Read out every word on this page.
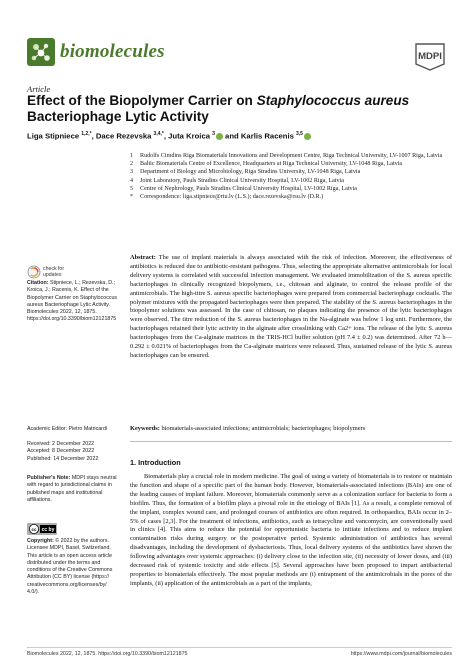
biomolecules	MDPI
Article
Effect of the Biopolymer Carrier on Staphylococcus aureus Bacteriophage Lytic Activity
Liga Stipniece $^{1,2,*}$, Dace Rezevska $^{3,4,*}$, Juta Kroica $^3$ and Karlis Racenis $^{3,5}$
1	Rudolfs Cimdins Riga Biomaterials Innovations and Development Centre, Riga Technical University, LV-1007 Riga, Latvia
2	Baltic Biomaterials Centre of Excellence, Headquarters at Riga Technical University, LV-1048 Riga, Latvia
3	Department of Biology and Microbiology, Riga Stradins University, LV-1048 Riga, Latvia
4	Joint Laboratory, Pauls Stradins Clinical University Hospital, LV-1002 Riga, Latvia
5	Centre of Nephrology, Pauls Stradins Clinical University Hospital, LV-1002 Riga, Latvia
*	Correspondence: liga.stipniece@rtu.lv (L.S.); dace.rezevska@rsu.lv (D.R.)
Abstract: The use of implant materials is always associated with the risk of infection. Moreover, the effectiveness of antibiotics is reduced due to antibiotic-resistant pathogens. Thus, selecting the appropriate alternative antimicrobials for local delivery systems is correlated with successful infection management. We evaluated immobilization of the S. aureus specific bacteriophages in clinically recognized biopolymers, i.e., chitosan and alginate, to control the release profile of the antimicrobials. The high-titre S. aureus specific bacteriophages were prepared from commercial bacteriophage cocktails. The polymer mixtures with the propagated bacteriophages were then prepared. The stability of the S. aureus bacteriophages in the biopolymer solutions was assessed. In the case of chitosan, no plaques indicating the presence of the lytic bacteriophages were observed. The titre reduction of the S. aureus bacteriophages in the Na-alginate was below 1 log unit. Furthermore, the bacteriophages retained their lytic activity in the alginate after crosslinking with Ca2+ ions. The release of the lytic S. aureus bacteriophages from the Ca-alginate matrices in the TRIS-HCl buffer solution (pH 7.4 ± 0.2) was determined. After 72 h—0.292 ± 0.021% of bacteriophages from the Ca-alginate matrices were released. Thus, sustained release of the lytic S. aureus bacteriophages can be ensured.
Keywords: biomaterials-associated infections; antimicrobials; bacteriophages; biopolymers
1. Introduction
Biomaterials play a crucial role in modern medicine. The goal of using a variety of biomaterials is to restore or maintain the function and shape of a specific part of the human body. However, biomaterials-associated infections (BAIs) are one of the leading causes of implant failure. Moreover, biomaterials commonly serve as a colonization surface for bacteria to form a biofilm. Thus, the formation of a biofilm plays a pivotal role in the etiology of BAIs [1]. As a result, a complete removal of the implant, complex wound care, and prolonged courses of antibiotics are often required. In orthopaedics, BAIs occur in 2–5% of cases [2,3]. For the treatment of infections, antibiotics, such as tetracycline and vancomycin, are conventionally used in clinics [4]. This aims to reduce the potential for opportunistic bacteria to initiate infections and to reduce implant contamination risks during surgery or the postoperative period. Systemic administration of antibiotics has several disadvantages, including the development of dysbacteriosis. Thus, local delivery systems of the antibiotics have shown the following advantages over systemic approaches: (i) delivery close to the infection site, (ii) necessity of lower doses, and (iii) decreased risk of systemic toxicity and side effects [5]. Several approaches have been proposed to impart antibacterial properties to biomaterials effectively. The most popular methods are (i) entrapment of the antimicrobials in the pores of the implants, (ii) application of the antimicrobials as a part of the implants,
check for
updates
Citation: Stipniece, L.; Rezevska, D.; Kroica, J.; Racenis, K. Effect of the Biopolymer Carrier on Staphylococcus aureus Bacteriophage Lytic Activity. Biomolecules 2022, 12, 1875. https://doi.org/10.3390/biom12121875
Academic Editor: Pietro Matricardi
Received: 2 December 2022
Accepted: 8 December 2022
Published: 14 December 2022
Publisher's Note: MDPI stays neutral with regard to jurisdictional claims in published maps and institutional affiliations.
cc cc by
Copyright: © 2022 by the authors. Licensee MDPI, Basel, Switzerland. This article is an open access article distributed under the terms and conditions of the Creative Commons Attribution (CC BY) license (https:// creativecommons.org/licenses/by/ 4.0/).
Biomolecules 2022, 12, 1875. https://doi.org/10.3390/biom12121875	https://www.mdpi.com/journal/biomolecules
